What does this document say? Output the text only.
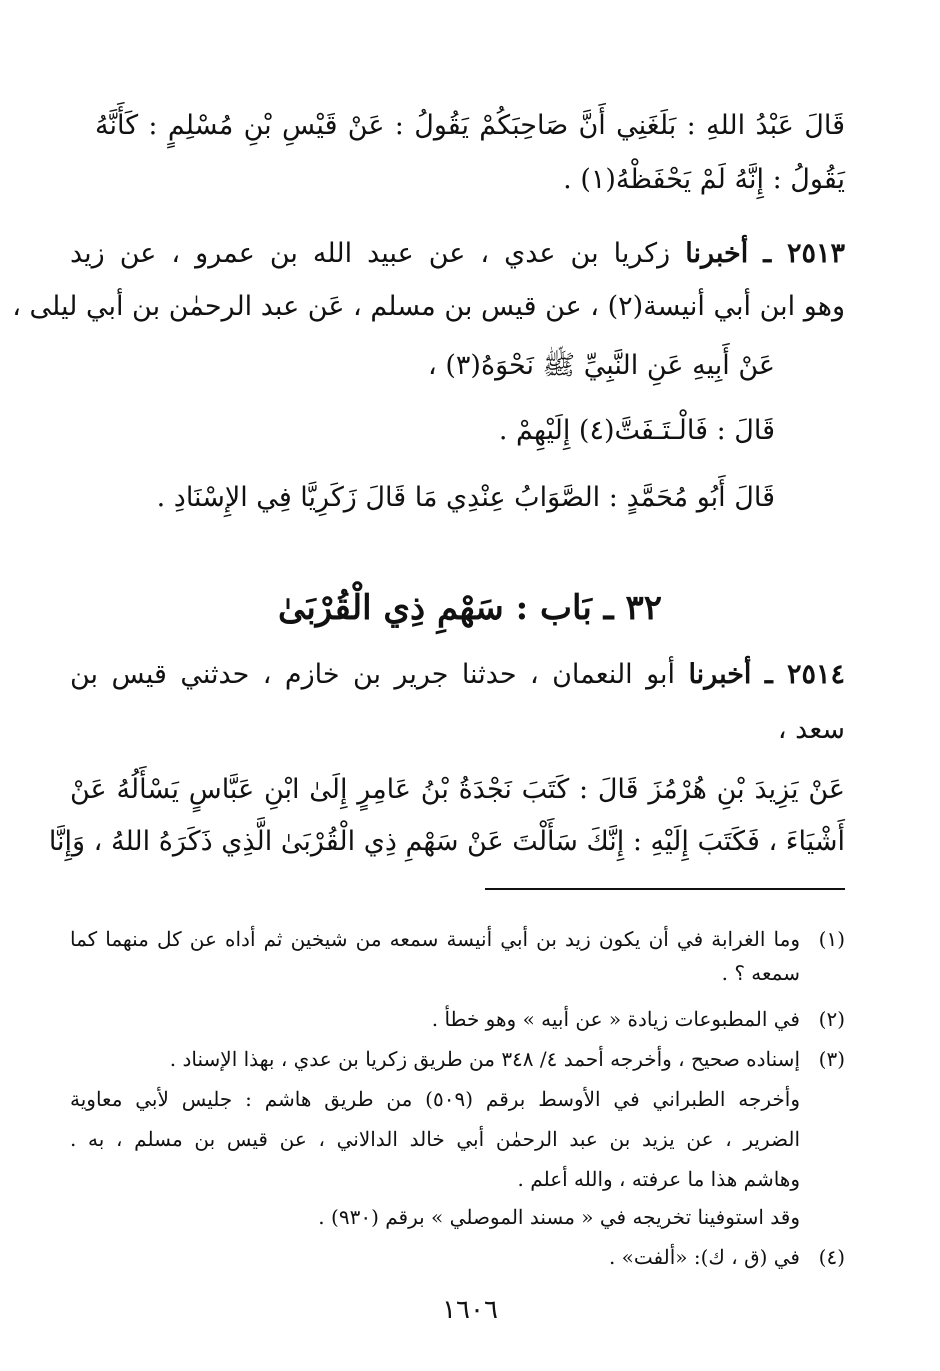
قَالَ عَبْدُ اللهِ : بَلَغَنِي أَنَّ صَاحِبَكُمْ يَقُولُ : عَنْ قَيْسِ بْنِ مُسْلِمٍ : كَأَنَّهُ
يَقُولُ : إِنَّهُ لَمْ يَحْفَظْهُ(١) .
٢٥١٣ ـ أخبرنا زكريا بن عدي ، عن عبيد الله بن عمرو ، عن زيد
وهو ابن أبي أنيسة(٢) ، عن قيس بن مسلم ، عَن عبد الرحمٰن بن أبي ليلى ،
عَنْ أَبِيهِ عَنِ النَّبِيِّ ﷺ نَحْوَهُ(٣) ،
قَالَ : فَالْـتَـفَتَّ(٤) إِلَيْهِمْ .
قَالَ أَبُو مُحَمَّدٍ : الصَّوَابُ عِنْدِي مَا قَالَ زَكَرِيَّا فِي الإِسْنَادِ .
٣٢ ـ بَاب : سَهْمِ ذِي الْقُرْبَىٰ
٢٥١٤ ـ أخبرنا أبو النعمان ، حدثنا جرير بن خازم ، حدثني قيس بن
سعد ،
عَنْ يَزِيدَ بْنِ هُرْمُزَ قَالَ : كَتَبَ نَجْدَةُ بْنُ عَامِرٍ إِلَىٰ ابْنِ عَبَّاسٍ يَسْأَلُهُ عَنْ
أَشْيَاءَ ، فَكَتَبَ إِلَيْهِ : إِنَّكَ سَأَلْتَ عَنْ سَهْمِ ذِي الْقُرْبَىٰ الَّذِي ذَكَرَهُ اللهُ ، وَإِنَّا
(١)
وما الغرابة في أن يكون زيد بن أبي أنيسة سمعه من شيخين ثم أداه عن كل منهما كما
سمعه ؟ .
(٢)
في المطبوعات زيادة « عن أبيه » وهو خطأ .
(٣)
إسناده صحيح ، وأخرجه أحمد ٤/ ٣٤٨ من طريق زكريا بن عدي ، بهذا الإسناد .
وأخرجه الطبراني في الأوسط برقم (٥٠٩) من طريق هاشم : جليس لأبي معاوية
الضرير ، عن يزيد بن عبد الرحمٰن أبي خالد الدالاني ، عن قيس بن مسلم ، به .
وهاشم هذا ما عرفته ، والله أعلم .
وقد استوفينا تخريجه في « مسند الموصلي » برقم (٩٣٠) .
(٤)
في (ق ، ك): «ألفت» .
١٦٠٦
